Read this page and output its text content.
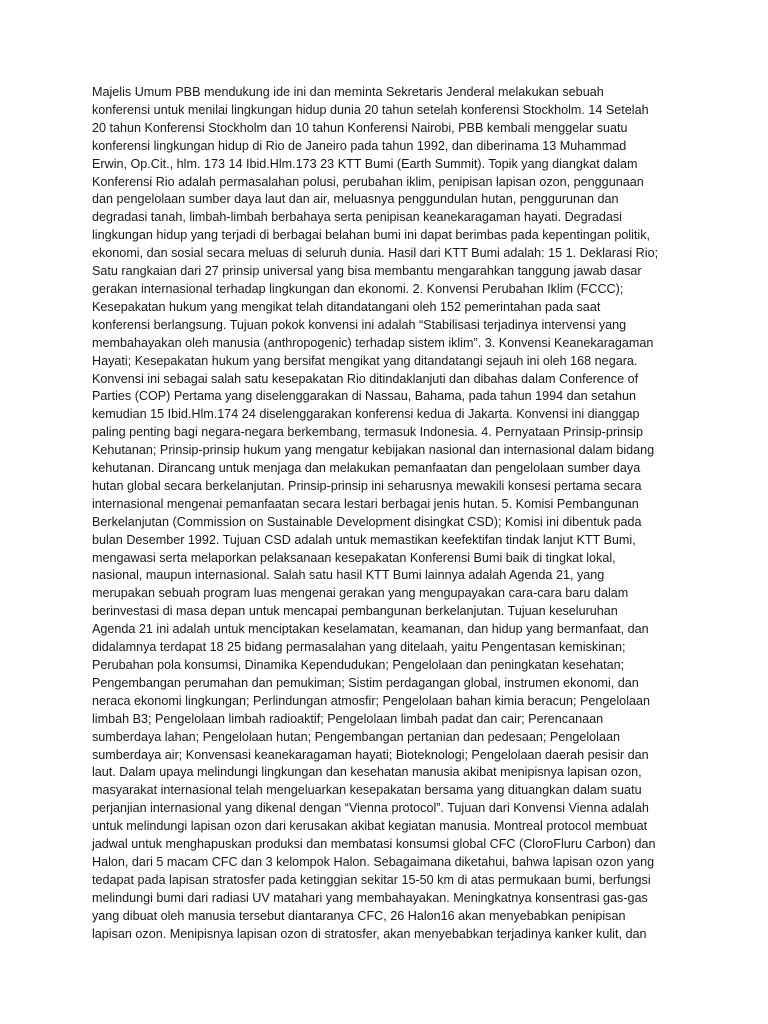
Majelis Umum PBB mendukung ide ini dan meminta Sekretaris Jenderal melakukan sebuah
konferensi untuk menilai lingkungan hidup dunia 20 tahun setelah konferensi Stockholm. 14 Setelah
20 tahun Konferensi Stockholm dan 10 tahun Konferensi Nairobi, PBB kembali menggelar suatu
konferensi lingkungan hidup di Rio de Janeiro pada tahun 1992, dan diberinama 13 Muhammad
Erwin, Op.Cit., hlm. 173 14 Ibid.Hlm.173 23 KTT Bumi (Earth Summit). Topik yang diangkat dalam
Konferensi Rio adalah permasalahan polusi, perubahan iklim, penipisan lapisan ozon, penggunaan
dan pengelolaan sumber daya laut dan air, meluasnya penggundulan hutan, penggurunan dan
degradasi tanah, limbah-limbah berbahaya serta penipisan keanekaragaman hayati. Degradasi
lingkungan hidup yang terjadi di berbagai belahan bumi ini dapat berimbas pada kepentingan politik,
ekonomi, dan sosial secara meluas di seluruh dunia. Hasil dari KTT Bumi adalah: 15 1. Deklarasi Rio;
Satu rangkaian dari 27 prinsip universal yang bisa membantu mengarahkan tanggung jawab dasar
gerakan internasional terhadap lingkungan dan ekonomi. 2. Konvensi Perubahan Iklim (FCCC);
Kesepakatan hukum yang mengikat telah ditandatangani oleh 152 pemerintahan pada saat
konferensi berlangsung. Tujuan pokok konvensi ini adalah “Stabilisasi terjadinya intervensi yang
membahayakan oleh manusia (anthropogenic) terhadap sistem iklim”. 3. Konvensi Keanekaragaman
Hayati; Kesepakatan hukum yang bersifat mengikat yang ditandatangi sejauh ini oleh 168 negara.
Konvensi ini sebagai salah satu kesepakatan Rio ditindaklanjuti dan dibahas dalam Conference of
Parties (COP) Pertama yang diselenggarakan di Nassau, Bahama, pada tahun 1994 dan setahun
kemudian 15 Ibid.Hlm.174 24 diselenggarakan konferensi kedua di Jakarta. Konvensi ini dianggap
paling penting bagi negara-negara berkembang, termasuk Indonesia. 4. Pernyataan Prinsip-prinsip
Kehutanan; Prinsip-prinsip hukum yang mengatur kebijakan nasional dan internasional dalam bidang
kehutanan. Dirancang untuk menjaga dan melakukan pemanfaatan dan pengelolaan sumber daya
hutan global secara berkelanjutan. Prinsip-prinsip ini seharusnya mewakili konsesi pertama secara
internasional mengenai pemanfaatan secara lestari berbagai jenis hutan. 5. Komisi Pembangunan
Berkelanjutan (Commission on Sustainable Development disingkat CSD); Komisi ini dibentuk pada
bulan Desember 1992. Tujuan CSD adalah untuk memastikan keefektifan tindak lanjut KTT Bumi,
mengawasi serta melaporkan pelaksanaan kesepakatan Konferensi Bumi baik di tingkat lokal,
nasional, maupun internasional. Salah satu hasil KTT Bumi lainnya adalah Agenda 21, yang
merupakan sebuah program luas mengenai gerakan yang mengupayakan cara-cara baru dalam
berinvestasi di masa depan untuk mencapai pembangunan berkelanjutan. Tujuan keseluruhan
Agenda 21 ini adalah untuk menciptakan keselamatan, keamanan, dan hidup yang bermanfaat, dan
didalamnya terdapat 18 25 bidang permasalahan yang ditelaah, yaitu Pengentasan kemiskinan;
Perubahan pola konsumsi, Dinamika Kependudukan; Pengelolaan dan peningkatan kesehatan;
Pengembangan perumahan dan pemukiman; Sistim perdagangan global, instrumen ekonomi, dan
neraca ekonomi lingkungan; Perlindungan atmosfir; Pengelolaan bahan kimia beracun; Pengelolaan
limbah B3; Pengelolaan limbah radioaktif; Pengelolaan limbah padat dan cair; Perencanaan
sumberdaya lahan; Pengelolaan hutan; Pengembangan pertanian dan pedesaan; Pengelolaan
sumberdaya air; Konvensasi keanekaragaman hayati; Bioteknologi; Pengelolaan daerah pesisir dan
laut. Dalam upaya melindungi lingkungan dan kesehatan manusia akibat menipisnya lapisan ozon,
masyarakat internasional telah mengeluarkan kesepakatan bersama yang dituangkan dalam suatu
perjanjian internasional yang dikenal dengan “Vienna protocol”. Tujuan dari Konvensi Vienna adalah
untuk melindungi lapisan ozon dari kerusakan akibat kegiatan manusia. Montreal protocol membuat
jadwal untuk menghapuskan produksi dan membatasi konsumsi global CFC (CloroFluru Carbon) dan
Halon, dari 5 macam CFC dan 3 kelompok Halon. Sebagaimana diketahui, bahwa lapisan ozon yang
tedapat pada lapisan stratosfer pada ketinggian sekitar 15-50 km di atas permukaan bumi, berfungsi
melindungi bumi dari radiasi UV matahari yang membahayakan. Meningkatnya konsentrasi gas-gas
yang dibuat oleh manusia tersebut diantaranya CFC, 26 Halon16 akan menyebabkan penipisan
lapisan ozon. Menipisnya lapisan ozon di stratosfer, akan menyebabkan terjadinya kanker kulit, dan
